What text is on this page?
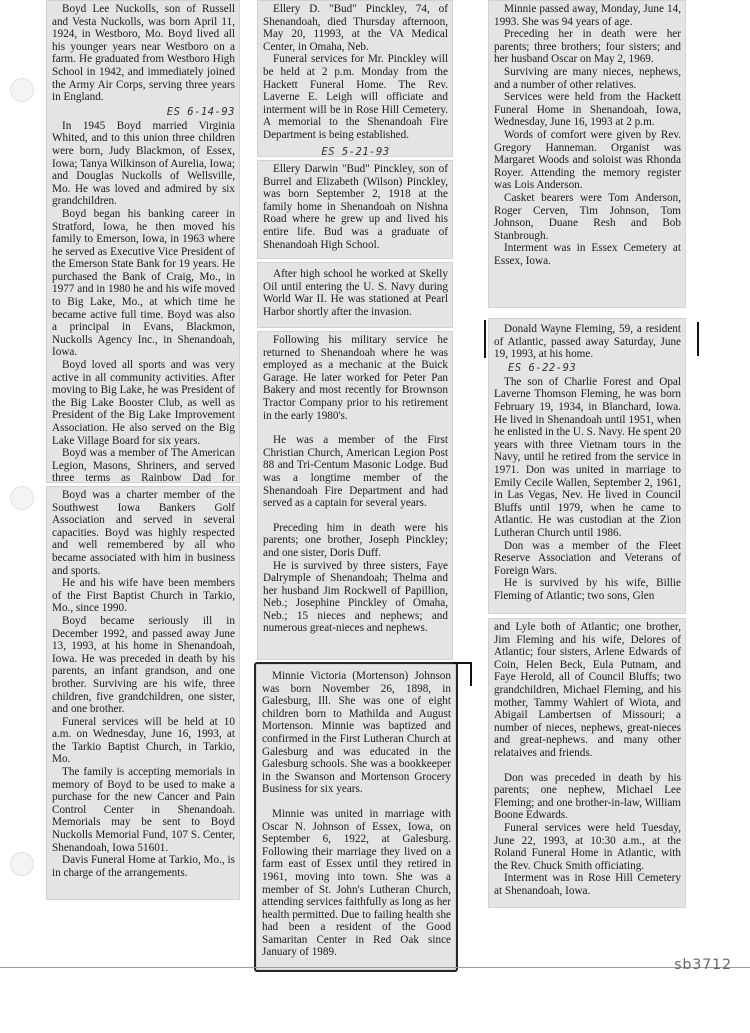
Boyd Lee Nuckolls, son of Russell and Vesta Nuckolls, was born April 11, 1924, in Westboro, Mo. Boyd lived all his younger years near Westboro on a farm. He graduated from Westboro High School in 1942, and immediately joined the Army Air Corps, serving three years in England.

ES 6-14-93

In 1945 Boyd married Virginia Whited, and to this union three children were born, Judy Blackmon, of Essex, Iowa; Tanya Wilkinson of Aurelia, Iowa; and Douglas Nuckolls of Wellsville, Mo. He was loved and admired by six grandchildren.

Boyd began his banking career in Stratford, Iowa, he then moved his family to Emerson, Iowa, in 1963 where he served as Executive Vice President of the Emerson State Bank for 19 years. He purchased the Bank of Craig, Mo., in 1977 and in 1980 he and his wife moved to Big Lake, Mo., at which time he became active full time. Boyd was also a principal in Evans, Blackmon, Nuckolls Agency Inc., in Shenandoah, Iowa.

Boyd loved all sports and was very active in all community activities. After moving to Big Lake, he was President of the Big Lake Booster Club, as well as President of the Big Lake Improvement Association. He also served on the Big Lake Village Board for six years.

Boyd was a member of The American Legion, Masons, Shriners, and served three terms as Rainbow Dad for

Boyd was a charter member of the Southwest Iowa Bankers Golf Association and served in several capacities. Boyd was highly respected and well remembered by all who became associated with him in business and sports.

He and his wife have been members of the First Baptist Church in Tarkio, Mo., since 1990.

Boyd became seriously ill in December 1992, and passed away June 13, 1993, at his home in Shenandoah, Iowa. He was preceded in death by his parents, an infant grandson, and one brother. Surviving are his wife, three children, five grandchildren, one sister, and one brother.

Funeral services will be held at 10 a.m. on Wednesday, June 16, 1993, at the Tarkio Baptist Church, in Tarkio, Mo.

The family is accepting memorials in memory of Boyd to be used to make a purchase for the new Cancer and Pain Control Center in Shenandoah. Memorials may be sent to Boyd Nuckolls Memorial Fund, 107 S. Center, Shenandoah, Iowa 51601.

Davis Funeral Home at Tarkio, Mo., is in charge of the arrangements.

Ellery D. "Bud" Pinckley, 74, of Shenandoah, died Thursday afternoon, May 20, 11993, at the VA Medical Center, in Omaha, Neb.

Funeral services for Mr. Pinckley will be held at 2 p.m. Monday from the Hackett Funeral Home. The Rev. Laverne E. Leigh will officiate and interment will be in Rose Hill Cemetery. A memorial to the Shenandoah Fire Department is being established.

ES 5-21-93

Ellery Darwin "Bud" Pinckley, son of Burrel and Elizabeth (Wilson) Pinckley, was born September 2, 1918 at the family home in Shenandoah on Nishna Road where he grew up and lived his entire life. Bud was a graduate of Shenandoah High School.

After high school he worked at Skelly Oil until entering the U. S. Navy during World War II. He was stationed at Pearl Harbor shortly after the invasion.

Following his military service he returned to Shenandoah where he was employed as a mechanic at the Buick Garage. He later worked for Peter Pan Bakery and most recently for Brownson Tractor Company prior to his retirement in the early 1980's.

He was a member of the First Christian Church, American Legion Post 88 and Tri-Centum Masonic Lodge. Bud was a longtime member of the Shenandoah Fire Department and had served as a captain for several years.

Preceding him in death were his parents; one brother, Joseph Pinckley; and one sister, Doris Duff.

He is survived by three sisters, Faye Dalrymple of Shenandoah; Thelma and her husband Jim Rockwell of Papillion, Neb.; Josephine Pinckley of Omaha, Neb.; 15 nieces and nephews; and numerous great-nieces and nephews.

Minnie Victoria (Mortenson) Johnson was born November 26, 1898, in Galesburg, Ill. She was one of eight children born to Mathilda and August Mortenson. Minnie was baptized and confirmed in the First Lutheran Church at Galesburg and was educated in the Galesburg schools. She was a bookkeeper in the Swanson and Mortenson Grocery Business for six years.

Minnie was united in marriage with Oscar N. Johnson of Essex, Iowa, on September 6, 1922, at Galesburg. Following their marriage they lived on a farm east of Essex until they retired in 1961, moving into town. She was a member of St. John's Lutheran Church, attending services faithfully as long as her health permitted. Due to failing health she had been a resident of the Good Samaritan Center in Red Oak since January of 1989.

Minnie passed away, Monday, June 14, 1993. She was 94 years of age.

Preceding her in death were her parents; three brothers; four sisters; and her husband Oscar on May 2, 1969.

Surviving are many nieces, nephews, and a number of other relatives.

Services were held from the Hackett Funeral Home in Shenandoah, Iowa, Wednesday, June 16, 1993 at 2 p.m.

Words of comfort were given by Rev. Gregory Hanneman. Organist was Margaret Woods and soloist was Rhonda Royer. Attending the memory register was Lois Anderson.

Casket bearers were Tom Anderson, Roger Cerven, Tim Johnson, Tom Johnson, Duane Resh and Bob Stanbrough.

Interment was in Essex Cemetery at Essex, Iowa.

Donald Wayne Fleming, 59, a resident of Atlantic, passed away Saturday, June 19, 1993, at his home.

ES 6-22-93

The son of Charlie Forest and Opal Laverne Thomson Fleming, he was born February 19, 1934, in Blanchard, Iowa. He lived in Shenandoah until 1951, when he enlisted in the U. S. Navy. He spent 20 years with three Vietnam tours in the Navy, until he retired from the service in 1971. Don was united in marriage to Emily Cecile Wallen, September 2, 1961, in Las Vegas, Nev. He lived in Council Bluffs until 1979, when he came to Atlantic. He was custodian at the Zion Lutheran Church until 1986.

Don was a member of the Fleet Reserve Association and Veterans of Foreign Wars.

He is survived by his wife, Billie Fleming of Atlantic; two sons, Glen

and Lyle both of Atlantic; one brother, Jim Fleming and his wife, Delores of Atlantic; four sisters, Arlene Edwards of Coin, Helen Beck, Eula Putnam, and Faye Herold, all of Council Bluffs; two grandchildren, Michael Fleming, and his mother, Tammy Wahlert of Wiota, and Abigail Lambertsen of Missouri; a number of nieces, nephews, great-nieces and great-nephews. and many other relataives and friends.

Don was preceded in death by his parents; one nephew, Michael Lee Fleming; and one brother-in-law, William Boone Edwards.

Funeral services were held Tuesday, June 22, 1993, at 10:30 a.m., at the Roland Funeral Home in Atlantic, with the Rev. Chuck Smith officiating.

Interment was in Rose Hill Cemetery at Shenandoah, Iowa.

sb3712
